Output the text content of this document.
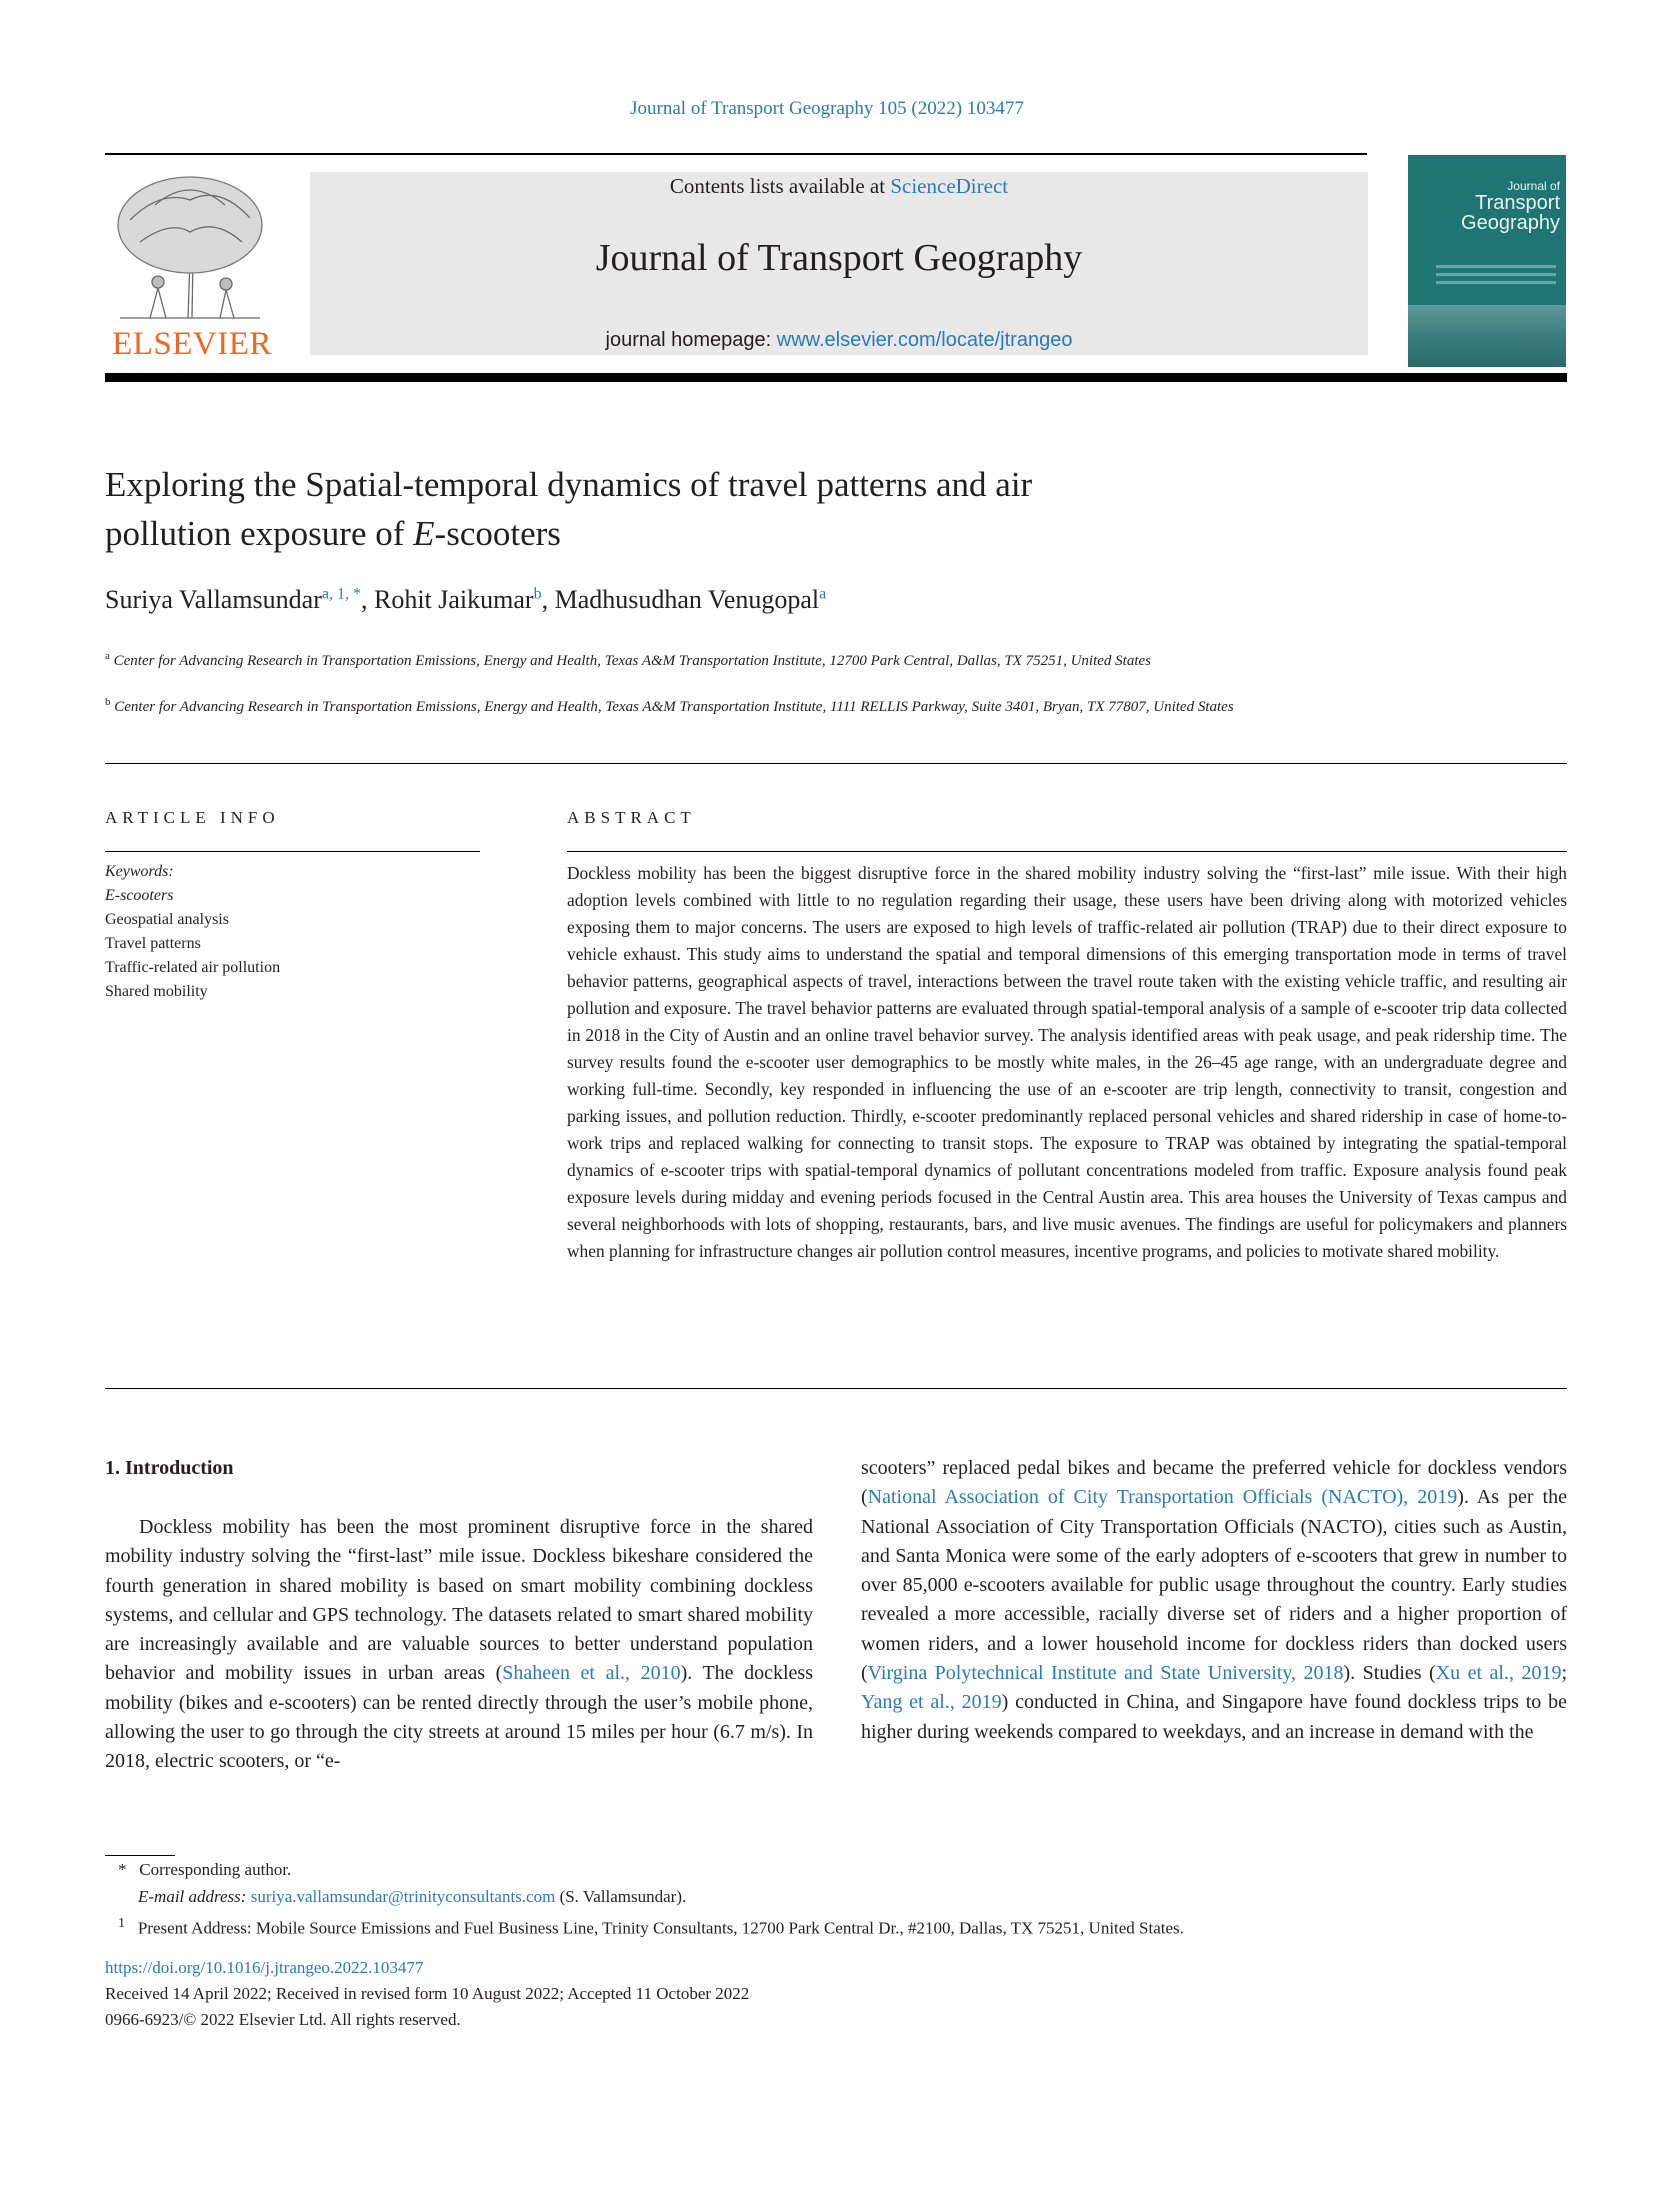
Journal of Transport Geography 105 (2022) 103477
ELSEVIER
Contents lists available at ScienceDirect
Journal of Transport Geography
journal homepage: www.elsevier.com/locate/jtrangeo
Journal of
Transport
Geography
Exploring the Spatial-temporal dynamics of travel patterns and air
pollution exposure of E-scooters
Suriya Vallamsundar$^{a, 1, *}$, Rohit Jaikumar$^b$, Madhusudhan Venugopal$^a$
$^a$ Center for Advancing Research in Transportation Emissions, Energy and Health, Texas A&M Transportation Institute, 12700 Park Central, Dallas, TX 75251, United States
$^b$ Center for Advancing Research in Transportation Emissions, Energy and Health, Texas A&M Transportation Institute, 1111 RELLIS Parkway, Suite 3401, Bryan, TX 77807, United States
ARTICLE INFO	ABSTRACT
Keywords:
E-scooters
Geospatial analysis
Travel patterns
Traffic-related air pollution
Shared mobility
Dockless mobility has been the biggest disruptive force in the shared mobility industry solving the “first-last” mile issue. With their high adoption levels combined with little to no regulation regarding their usage, these users have been driving along with motorized vehicles exposing them to major concerns. The users are exposed to high levels of traffic-related air pollution (TRAP) due to their direct exposure to vehicle exhaust. This study aims to understand the spatial and temporal dimensions of this emerging transportation mode in terms of travel behavior patterns, geographical aspects of travel, interactions between the travel route taken with the existing vehicle traffic, and resulting air pollution and exposure. The travel behavior patterns are evaluated through spatial-temporal analysis of a sample of e-scooter trip data collected in 2018 in the City of Austin and an online travel behavior survey. The analysis identified areas with peak usage, and peak ridership time. The survey results found the e-scooter user demographics to be mostly white males, in the 26–45 age range, with an undergraduate degree and working full-time. Secondly, key responded in influencing the use of an e-scooter are trip length, connectivity to transit, congestion and parking issues, and pollution reduction. Thirdly, e-scooter predominantly replaced personal vehicles and shared ridership in case of home-to-work trips and replaced walking for connecting to transit stops. The exposure to TRAP was obtained by integrating the spatial-temporal dynamics of e-scooter trips with spatial-temporal dynamics of pollutant concentrations modeled from traffic. Exposure analysis found peak exposure levels during midday and evening periods focused in the Central Austin area. This area houses the University of Texas campus and several neighborhoods with lots of shopping, restaurants, bars, and live music avenues. The findings are useful for policymakers and planners when planning for infrastructure changes air pollution control measures, incentive programs, and policies to motivate shared mobility.
1. Introduction
Dockless mobility has been the most prominent disruptive force in the shared mobility industry solving the “first-last” mile issue. Dockless bikeshare considered the fourth generation in shared mobility is based on smart mobility combining dockless systems, and cellular and GPS technology. The datasets related to smart shared mobility are increasingly available and are valuable sources to better understand population behavior and mobility issues in urban areas (Shaheen et al., 2010). The dockless mobility (bikes and e-scooters) can be rented directly through the user’s mobile phone, allowing the user to go through the city streets at around 15 miles per hour (6.7 m/s). In 2018, electric scooters, or “e-
scooters” replaced pedal bikes and became the preferred vehicle for dockless vendors (National Association of City Transportation Officials (NACTO), 2019). As per the National Association of City Transportation Officials (NACTO), cities such as Austin, and Santa Monica were some of the early adopters of e-scooters that grew in number to over 85,000 e-scooters available for public usage throughout the country. Early studies revealed a more accessible, racially diverse set of riders and a higher proportion of women riders, and a lower household income for dockless riders than docked users (Virgina Polytechnical Institute and State University, 2018). Studies (Xu et al., 2019; Yang et al., 2019) conducted in China, and Singapore have found dockless trips to be higher during weekends compared to weekdays, and an increase in demand with the
* Corresponding author.
E-mail address: suriya.vallamsundar@trinityconsultants.com (S. Vallamsundar).
$^1$ Present Address: Mobile Source Emissions and Fuel Business Line, Trinity Consultants, 12700 Park Central Dr., #2100, Dallas, TX 75251, United States.
https://doi.org/10.1016/j.jtrangeo.2022.103477
Received 14 April 2022; Received in revised form 10 August 2022; Accepted 11 October 2022
0966-6923/© 2022 Elsevier Ltd. All rights reserved.
